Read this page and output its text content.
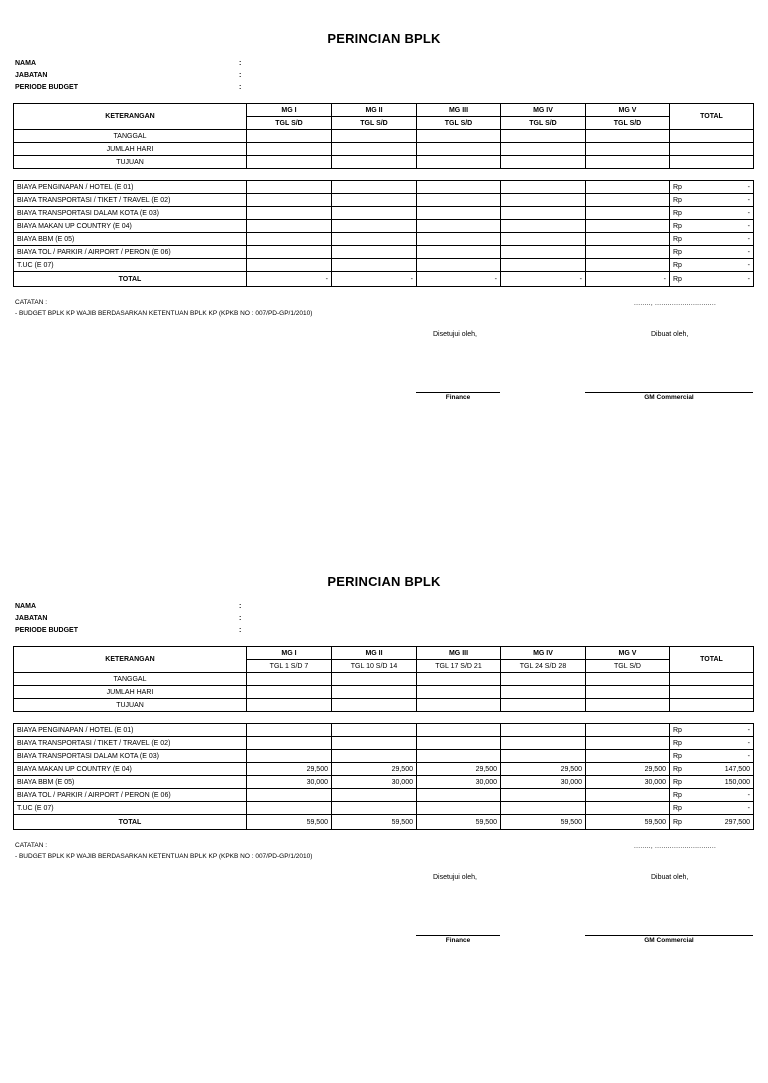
PERINCIAN BPLK
NAMA	:
JABATAN	:
PERIODE BUDGET	:
KETERANGAN	MG I	MG II	MG III	MG IV	MG V	TOTAL
	TGL S/D	TGL S/D	TGL S/D	TGL S/D	TGL S/D	
TANGGAL						
JUMLAH HARI						
TUJUAN						
BIAYA PENGINAPAN / HOTEL (E 01)						Rp -

BIAYA TRANSPORTASI / TIKET / TRAVEL (E 02)						Rp -

BIAYA TRANSPORTASI DALAM KOTA (E 03)						Rp -

BIAYA MAKAN UP COUNTRY (E 04)						Rp -

BIAYA BBM (E 05)						Rp -

BIAYA TOL / PARKIR / AIRPORT / PERON (E 06)						Rp -

T.UC (E 07)						Rp -

TOTAL	-	-	-	-	-	Rp -
CATATAN :
- BUDGET BPLK KP WAJIB BERDASARKAN KETENTUAN BPLK KP (KPKB NO : 007/PD-GP/1/2010)
........, .............................
Disetujui oleh,	Dibuat oleh,
Finance	GM Commercial
PERINCIAN BPLK
NAMA	:
JABATAN	:
PERIODE BUDGET	:
KETERANGAN	MG I	MG II	MG III	MG IV	MG V	TOTAL
	TGL 1 S/D 7	TGL 10 S/D 14	TGL 17 S/D 21	TGL 24 S/D 28	TGL S/D	
TANGGAL						
JUMLAH HARI						
TUJUAN						
BIAYA PENGINAPAN / HOTEL (E 01)						Rp -

BIAYA TRANSPORTASI / TIKET / TRAVEL (E 02)						Rp -

BIAYA TRANSPORTASI DALAM KOTA (E 03)						Rp -

BIAYA MAKAN UP COUNTRY (E 04)	29,500	29,500	29,500	29,500	29,500	Rp 147,500

BIAYA BBM (E 05)	30,000	30,000	30,000	30,000	30,000	Rp 150,000

BIAYA TOL / PARKIR / AIRPORT / PERON (E 06)						Rp -

T.UC (E 07)						Rp -

TOTAL	59,500	59,500	59,500	59,500	59,500	Rp 297,500
CATATAN :
- BUDGET BPLK KP WAJIB BERDASARKAN KETENTUAN BPLK KP (KPKB NO : 007/PD-GP/1/2010)
........, .............................
Disetujui oleh,	Dibuat oleh,
Finance	GM Commercial
